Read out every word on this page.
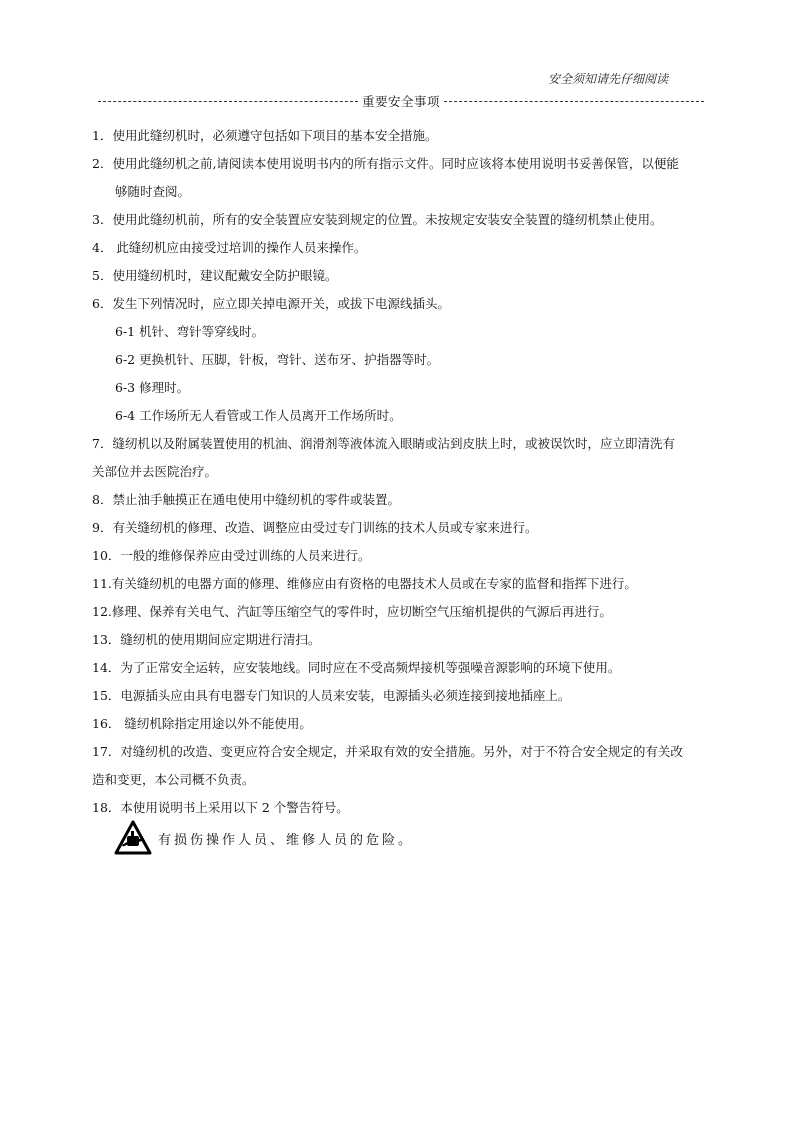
安全须知请先仔细阅读
重要安全事项
1．使用此缝纫机时，必须遵守包括如下项目的基本安全措施。
2．使用此缝纫机之前,请阅读本使用说明书内的所有指示文件。同时应该将本使用说明书妥善保管，以便能
够随时查阅。
3．使用此缝纫机前，所有的安全装置应安装到规定的位置。未按规定安装安全装置的缝纫机禁止使用。
4． 此缝纫机应由接受过培训的操作人员来操作。
5．使用缝纫机时，建议配戴安全防护眼镜。
6．发生下列情况时，应立即关掉电源开关，或拔下电源线插头。
6-1 机针、弯针等穿线时。
6-2 更换机针、压脚，针板，弯针、送布牙、护指器等时。
6-3 修理时。
6-4 工作场所无人看管或工作人员离开工作场所时。
7．缝纫机以及附属装置使用的机油、润滑剂等液体流入眼睛或沾到皮肤上时，或被误饮时，应立即清洗有
关部位并去医院治疗。
8．禁止油手触摸正在通电使用中缝纫机的零件或装置。
9．有关缝纫机的修理、改造、调整应由受过专门训练的技术人员或专家来进行。
10．一般的维修保养应由受过训练的人员来进行。
11.有关缝纫机的电器方面的修理、维修应由有资格的电器技术人员或在专家的监督和指挥下进行。
12.修理、保养有关电气、汽缸等压缩空气的零件时，应切断空气压缩机提供的气源后再进行。
13．缝纫机的使用期间应定期进行清扫。
14．为了正常安全运转，应安装地线。同时应在不受高频焊接机等强噪音源影响的环境下使用。
15．电源插头应由具有电器专门知识的人员来安装，电源插头必须连接到接地插座上。
16． 缝纫机除指定用途以外不能使用。
17．对缝纫机的改造、变更应符合安全规定，并采取有效的安全措施。另外，对于不符合安全规定的有关改
造和变更，本公司概不负责。
18．本使用说明书上采用以下 2 个警告符号。
有损伤操作人员、维修人员的危险。
